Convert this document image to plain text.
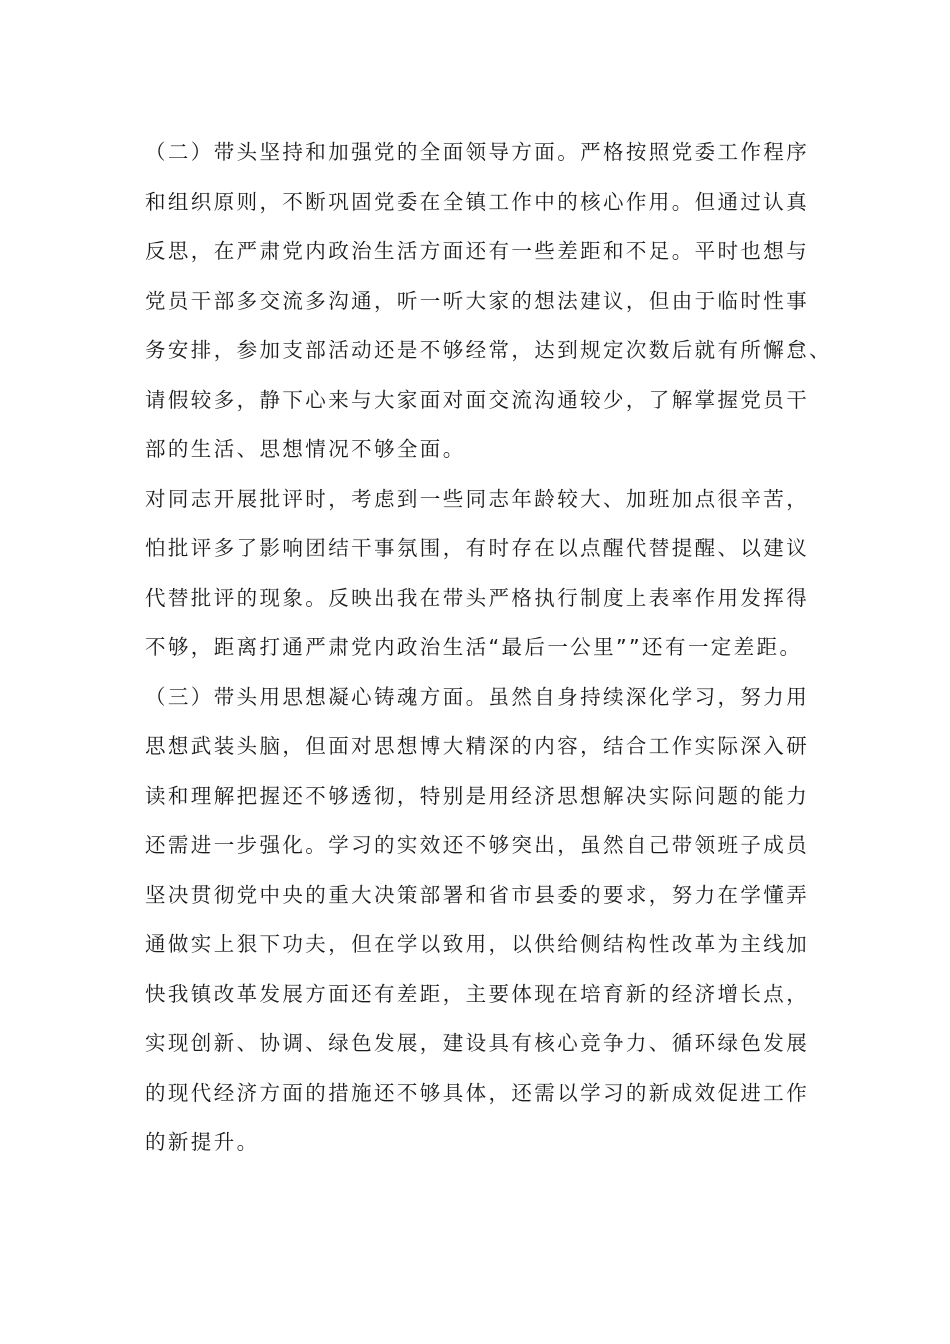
（二）带头坚持和加强党的全面领导方面。严格按照党委工作程序
和组织原则，不断巩固党委在全镇工作中的核心作用。但通过认真
反思，在严肃党内政治生活方面还有一些差距和不足。平时也想与
党员干部多交流多沟通，听一听大家的想法建议，但由于临时性事
务安排，参加支部活动还是不够经常，达到规定次数后就有所懈怠、
请假较多，静下心来与大家面对面交流沟通较少，了解掌握党员干
部的生活、思想情况不够全面。
对同志开展批评时，考虑到一些同志年龄较大、加班加点很辛苦，
怕批评多了影响团结干事氛围，有时存在以点醒代替提醒、以建议
代替批评的现象。反映出我在带头严格执行制度上表率作用发挥得
不够，距离打通严肃党内政治生活“最后一公里””还有一定差距。
（三）带头用思想凝心铸魂方面。虽然自身持续深化学习，努力用
思想武装头脑，但面对思想博大精深的内容，结合工作实际深入研
读和理解把握还不够透彻，特别是用经济思想解决实际问题的能力
还需进一步强化。学习的实效还不够突出，虽然自己带领班子成员
坚决贯彻党中央的重大决策部署和省市县委的要求，努力在学懂弄
通做实上狠下功夫，但在学以致用，以供给侧结构性改革为主线加
快我镇改革发展方面还有差距，主要体现在培育新的经济增长点，
实现创新、协调、绿色发展，建设具有核心竞争力、循环绿色发展
的现代经济方面的措施还不够具体，还需以学习的新成效促进工作
的新提升。
